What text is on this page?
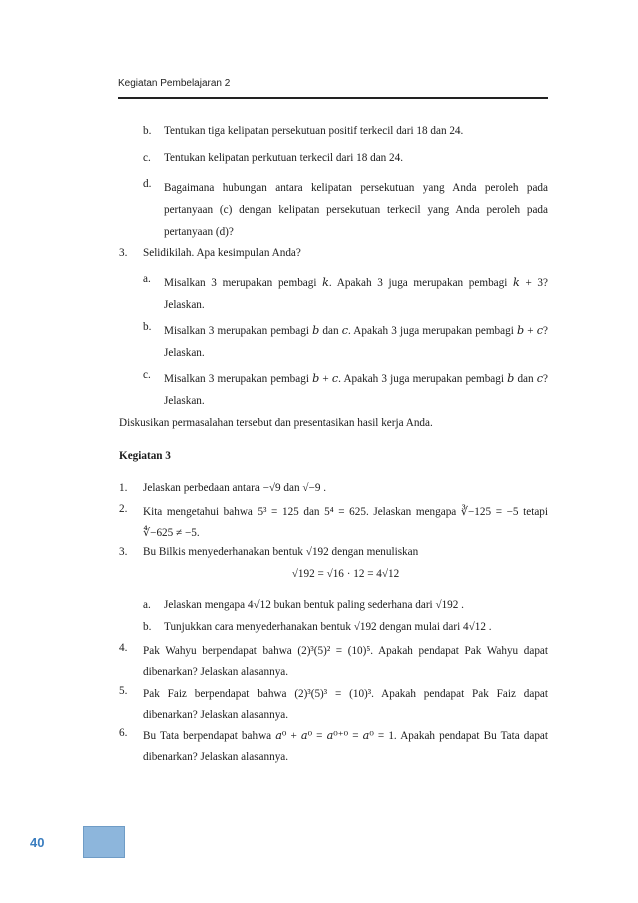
Kegiatan Pembelajaran 2
b. Tentukan tiga kelipatan persekutuan positif terkecil dari 18 dan 24.
c. Tentukan kelipatan perkutuan terkecil dari 18 dan 24.
d. Bagaimana hubungan antara kelipatan persekutuan yang Anda peroleh pada pertanyaan (c) dengan kelipatan persekutuan terkecil yang Anda peroleh pada pertanyaan (d)?
3. Selidikilah. Apa kesimpulan Anda?
a. Misalkan 3 merupakan pembagi 𝑘. Apakah 3 juga merupakan pembagi 𝑘 + 3? Jelaskan.
b. Misalkan 3 merupakan pembagi 𝑏 dan 𝑐. Apakah 3 juga merupakan pembagi 𝑏 + 𝑐? Jelaskan.
c. Misalkan 3 merupakan pembagi 𝑏 + 𝑐. Apakah 3 juga merupakan pembagi 𝑏 dan 𝑐? Jelaskan.
Diskusikan permasalahan tersebut dan presentasikan hasil kerja Anda.
Kegiatan 3
1. Jelaskan perbedaan antara −√9 dan √−9 .
2. Kita mengetahui bahwa 5³ = 125 dan 5⁴ = 625. Jelaskan mengapa ∛−125 = −5 tetapi ∜−625 ≠ −5.
3. Bu Bilkis menyederhanakan bentuk √192 dengan menuliskan
√192 = √16 · 12 = 4√12
a. Jelaskan mengapa 4√12 bukan bentuk paling sederhana dari √192 .
b. Tunjukkan cara menyederhanakan bentuk √192 dengan mulai dari 4√12 .
4. Pak Wahyu berpendapat bahwa (2)³(5)² = (10)⁵. Apakah pendapat Pak Wahyu dapat dibenarkan? Jelaskan alasannya.
5. Pak Faiz berpendapat bahwa (2)³(5)³ = (10)³. Apakah pendapat Pak Faiz dapat dibenarkan? Jelaskan alasannya.
6. Bu Tata berpendapat bahwa 𝑎⁰ + 𝑎⁰ = 𝑎⁰⁺⁰ = 𝑎⁰ = 1. Apakah pendapat Bu Tata dapat dibenarkan? Jelaskan alasannya.
40
